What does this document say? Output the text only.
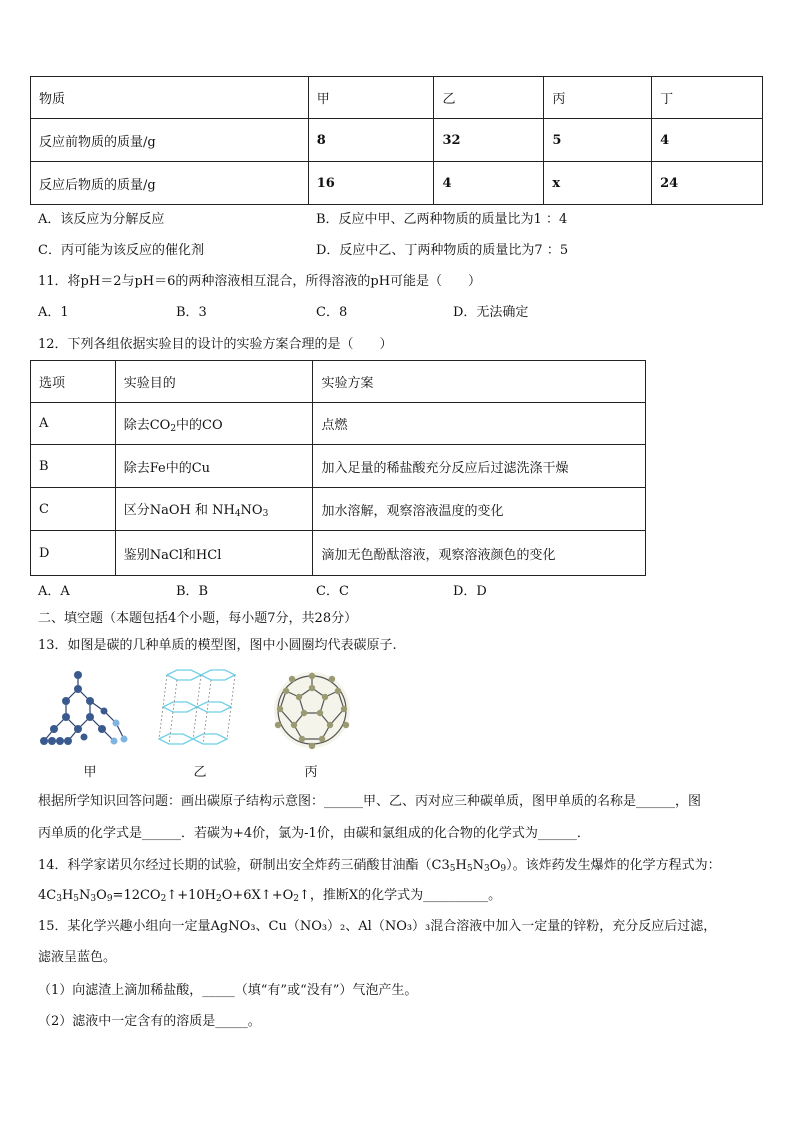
物质	甲	乙	丙	丁
反应前物质的质量/g	8	32	5	4
反应后物质的质量/g	16	4	x	24
A．该反应为分解反应	B．反应中甲、乙两种物质的质量比为1 ：4
C．丙可能为该反应的催化剂	D．反应中乙、丁两种物质的质量比为7 ：5
11．将pH＝2与pH＝6的两种溶液相互混合，所得溶液的pH可能是（　　）
A．1	B．3	C．8	D．无法确定
12．下列各组依据实验目的设计的实验方案合理的是（　　）
选项	实验目的	实验方案
A	除去$CO_2$中的CO	点燃
B	除去Fe中的Cu	加入足量的稀盐酸充分反应后过滤洗涤干燥
C	区分NaOH 和 $NH_4NO_3$	加水溶解，观察溶液温度的变化
D	鉴别NaCl和HCl	滴加无色酚酞溶液，观察溶液颜色的变化
A．A	B．B	C．C	D．D
二、填空题（本题包括4个小题，每小题7分，共28分）
13．如图是碳的几种单质的模型图，图中小圆圈均代表碳原子.
甲	乙	丙
根据所学知识回答问题：画出碳原子结构示意图：______甲、乙、丙对应三种碳单质，图甲单质的名称是______，图
丙单质的化学式是______．若碳为+4价，氯为-1价，由碳和氯组成的化合物的化学式为______．
14．科学家诺贝尔经过长期的试验，研制出安全炸药三硝酸甘油酯$(C3_5H_5N_3O_9)$。该炸药发生爆炸的化学方程式为：
$4C_3H_5N_3O_9=12CO_2↑+10H_2O+6X↑+O_2↑$，推断X的化学式为__________。
15．某化学兴趣小组向一定量AgNO₃、Cu（NO₃）₂、Al（NO₃）₃混合溶液中加入一定量的锌粉，充分反应后过滤，
滤液呈蓝色。
（1）向滤渣上滴加稀盐酸，_____（填“有”或“没有”）气泡产生。
（2）滤液中一定含有的溶质是_____。
